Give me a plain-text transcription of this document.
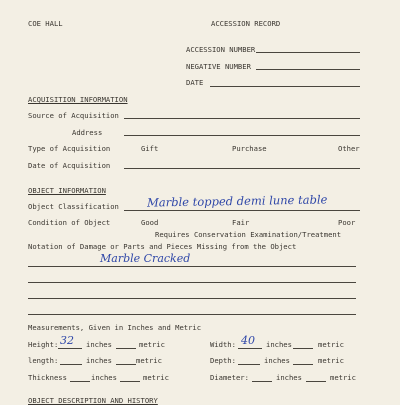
COE HALL	ACCESSION RECORD
ACCESSION NUMBER
NEGATIVE NUMBER
DATE
ACQUISITION INFORMATION
Source of Acquisition
Address
Type of Acquisition	Gift	Purchase	Other
Date of Acquisition
OBJECT INFORMATION
Object Classification Marble topped demi lune table
Condition of Object	Good	Fair	Poor
Requires Conservation Examination/Treatment
Notation of Damage or Parts and Pieces Missing from the Object
Marble Cracked
Measurements, Given in Inches and Metric
Height: 32 inches	metric	Width: 40 inches	metric
length:	inches	metric	Depth:	inches	metric
Thickness	inches	metric	Diameter:	inches	metric
OBJECT DESCRIPTION AND HISTORY
